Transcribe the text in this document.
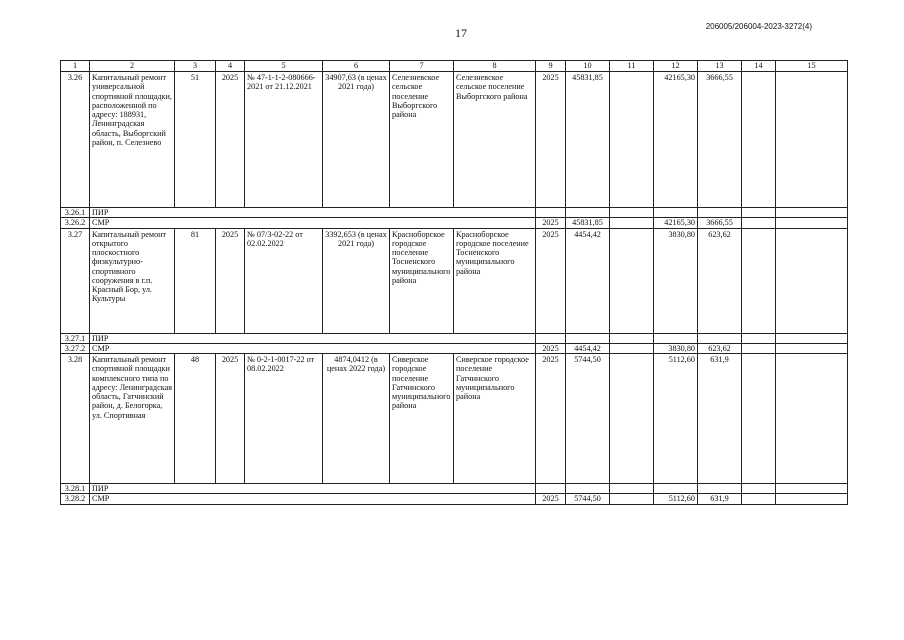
17	206005/206004-2023-3272(4)
1	2	3	4	5	6	7	8	9	10	11	12	13	14	15
3.26	Капитальный ремонт универсальной спортивной площадки, расположенной по адресу: 188931, Ленинградская область, Выборгский район, п. Селезнево	51	2025	№ 47-1-1-2-080666-2021 от 21.12.2021	34907,63 (в ценах 2021 года)	Селезневское сельское поселение Выборгского района	Селезневское сельское поселение Выборгского района	2025	45831,85		42165,30	3666,55		
3.26.1	ПИР													
3.26.2	СМР							2025	45831,85		42165,30	3666,55		
3.27	Капитальный ремонт открытого плоскостного физкультурно-спортивного сооружения в г.п. Красный Бор, ул. Культуры	81	2025	№ 07/3-02-22 от 02.02.2022	3392,653 (в ценах 2021 года)	Красноборское городское поселение Тосненского муниципального района	Красноборское городское поселение Тосненского муниципального района	2025	4454,42		3830,80	623,62		
3.27.1	ПИР													
3.27.2	СМР							2025	4454,42		3830,80	623,62		
3.28	Капитальный ремонт спортивной площадки комплексного типа по адресу: Ленинградская область, Гатчинский район, д. Белогорка, ул. Спортивная	48	2025	№ 0-2-1-0017-22 от 08.02.2022	4874,0412 (в ценах 2022 года)	Сиверское городское поселение Гатчинского муниципального района	Сиверское городское поселение Гатчинского муниципального района	2025	5744,50		5112,60	631,9		
3.28.1	ПИР													
3.28.2	СМР							2025	5744,50		5112,60	631,9		
